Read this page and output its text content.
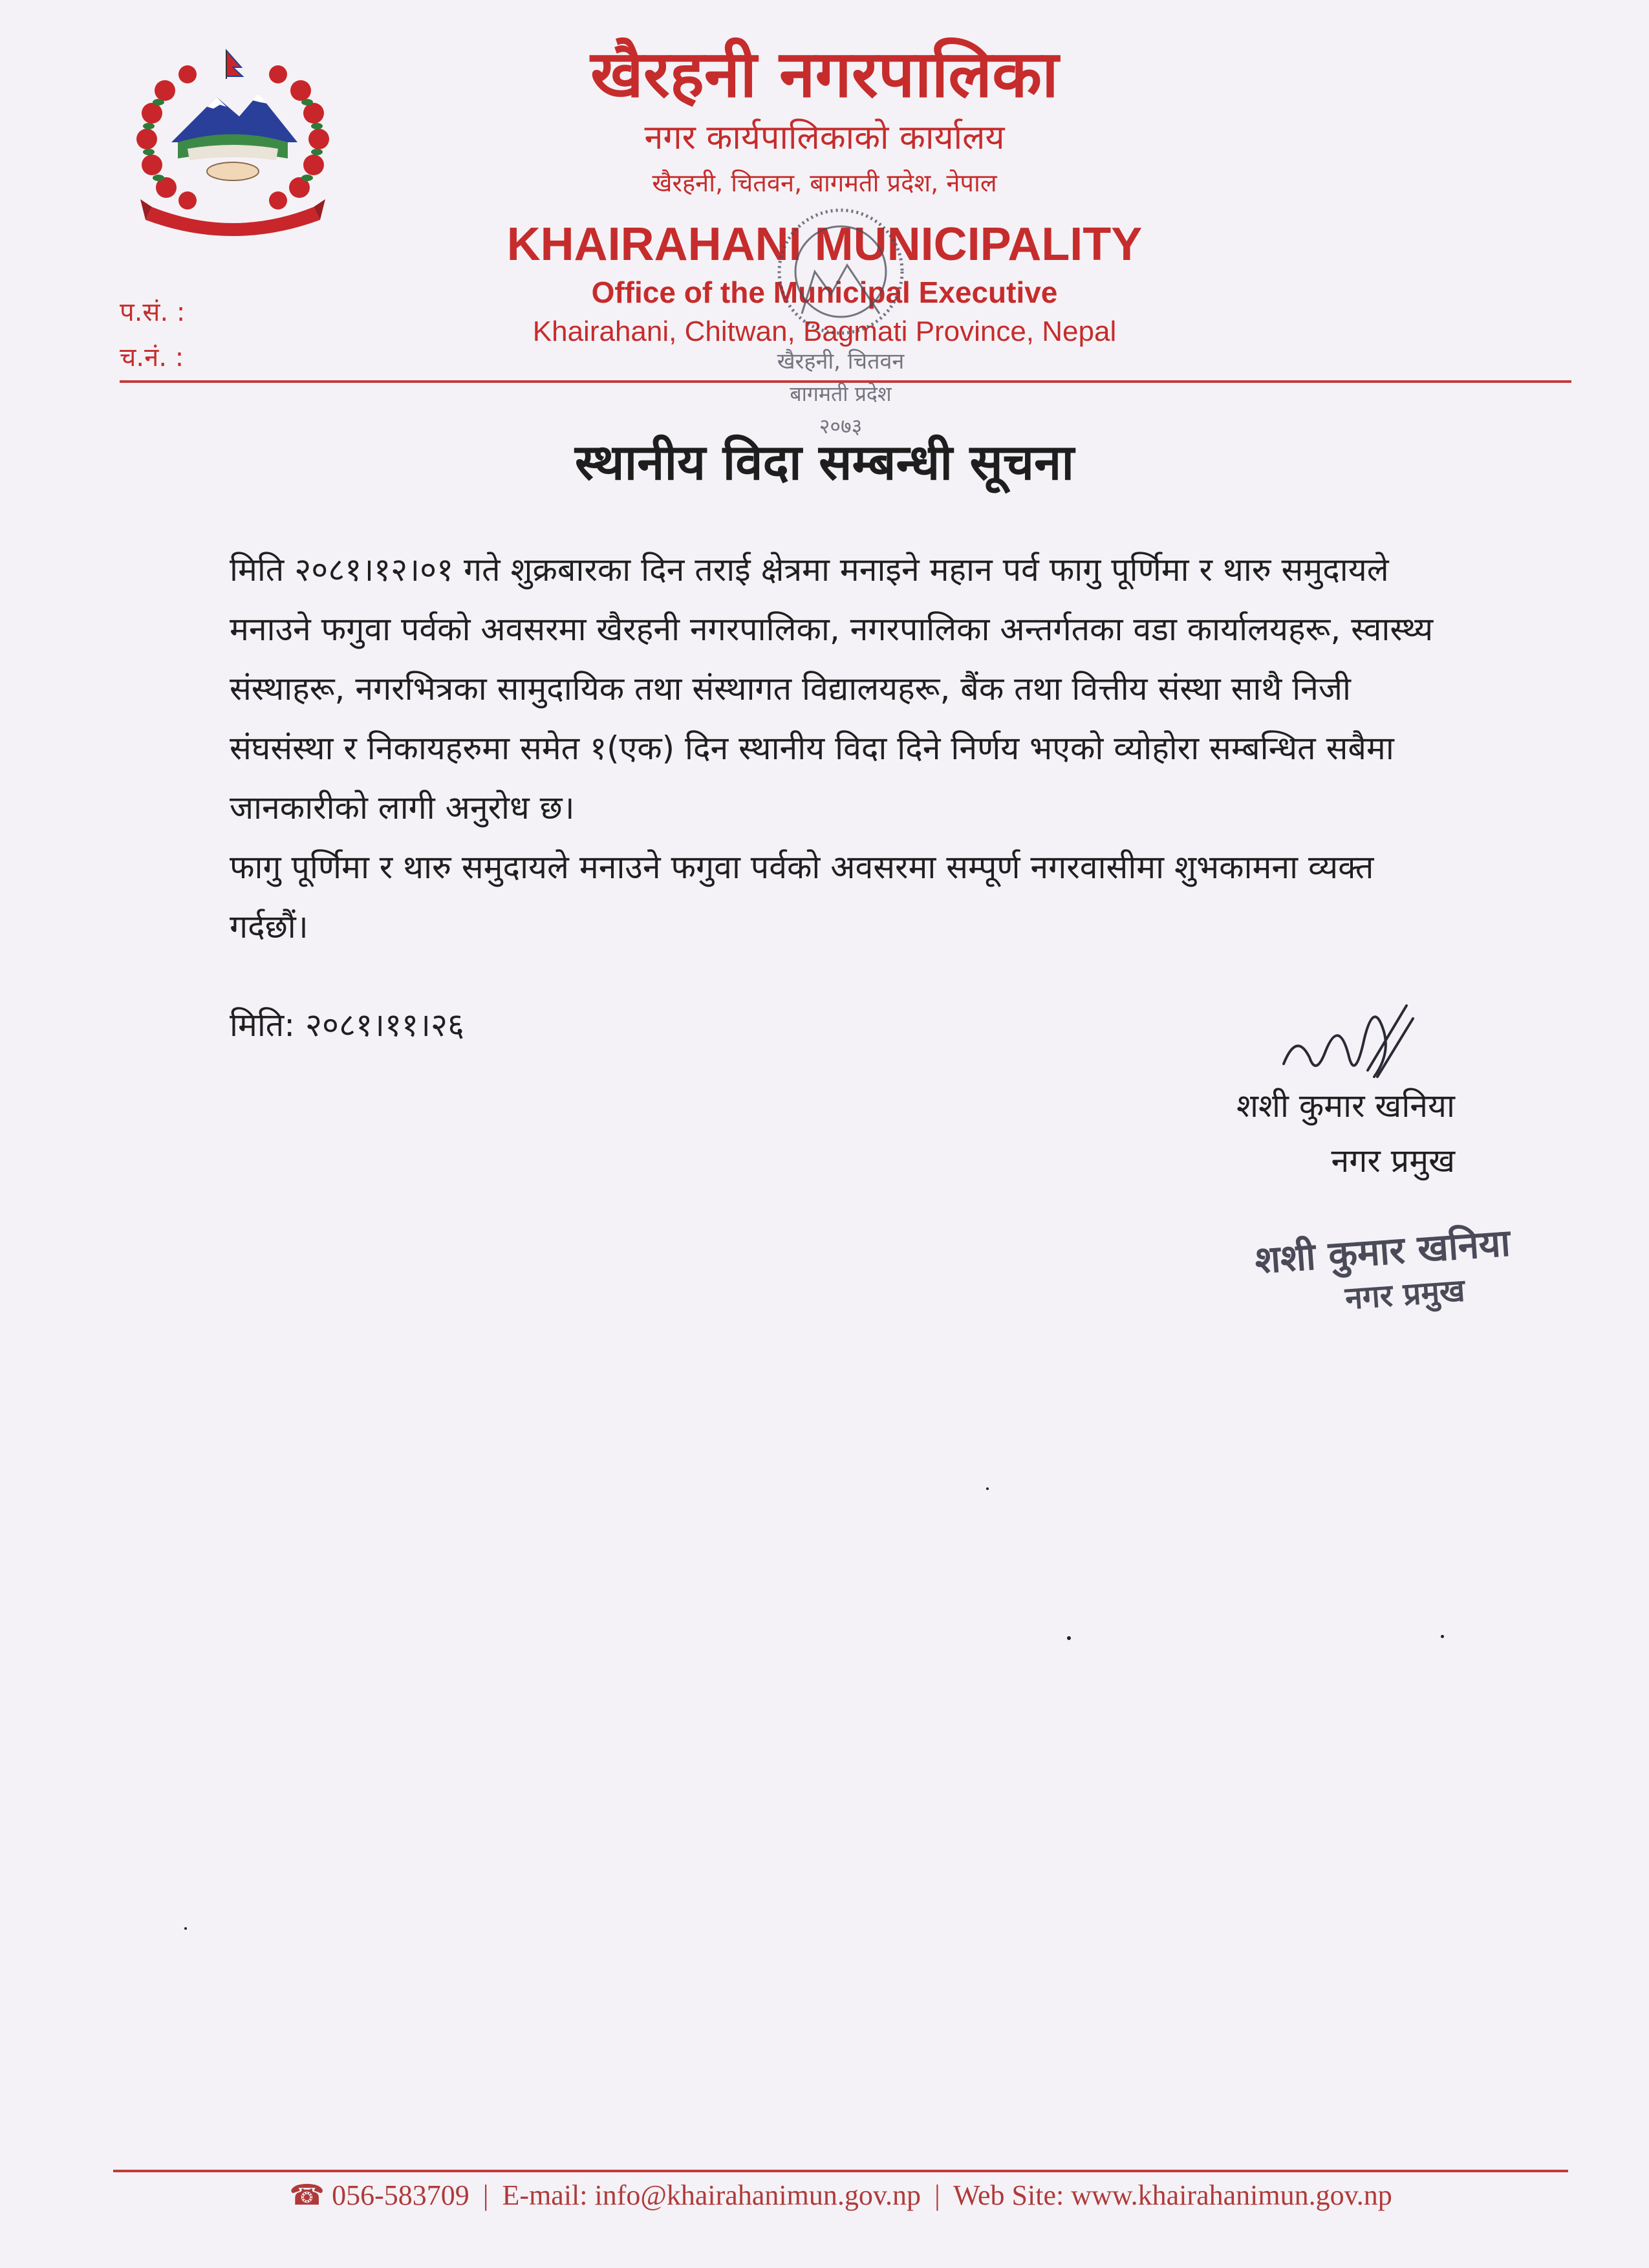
खैरहनी नगरपालिका
नगर कार्यपालिकाको कार्यालय
खैरहनी, चितवन, बागमती प्रदेश, नेपाल
KHAIRAHANI MUNICIPALITY
Office of the Municipal Executive
Khairahani, Chitwan, Bagmati Province, Nepal
प.सं. :
च.नं. :	खैरहनी, चितवन
बागमती प्रदेश
२०७३
स्थानीय विदा सम्बन्धी सूचना

मिति २०८१।१२।०१ गते शुक्रबारका दिन तराई क्षेत्रमा मनाइने महान पर्व फागु पूर्णिमा र थारु समुदायले मनाउने फगुवा पर्वको अवसरमा खैरहनी नगरपालिका, नगरपालिका अन्तर्गतका वडा कार्यालयहरू, स्वास्थ्य संस्थाहरू, नगरभित्रका सामुदायिक तथा संस्थागत विद्यालयहरू, बैंक तथा वित्तीय संस्था साथै निजी संघसंस्था र निकायहरुमा समेत १(एक) दिन स्थानीय विदा दिने निर्णय भएको व्योहोरा सम्बन्धित सबैमा जानकारीको लागी अनुरोध छ।

फागु पूर्णिमा र थारु समुदायले मनाउने फगुवा पर्वको अवसरमा सम्पूर्ण नगरवासीमा शुभकामना व्यक्त गर्दछौं।

मिति: २०८१।११।२६
शशी कुमार खनिया
नगर प्रमुख
शशी कुमार खनिया
नगर प्रमुख
☎ 056-583709 | E-mail: info@khairahanimun.gov.np | Web Site: www.khairahanimun.gov.np
